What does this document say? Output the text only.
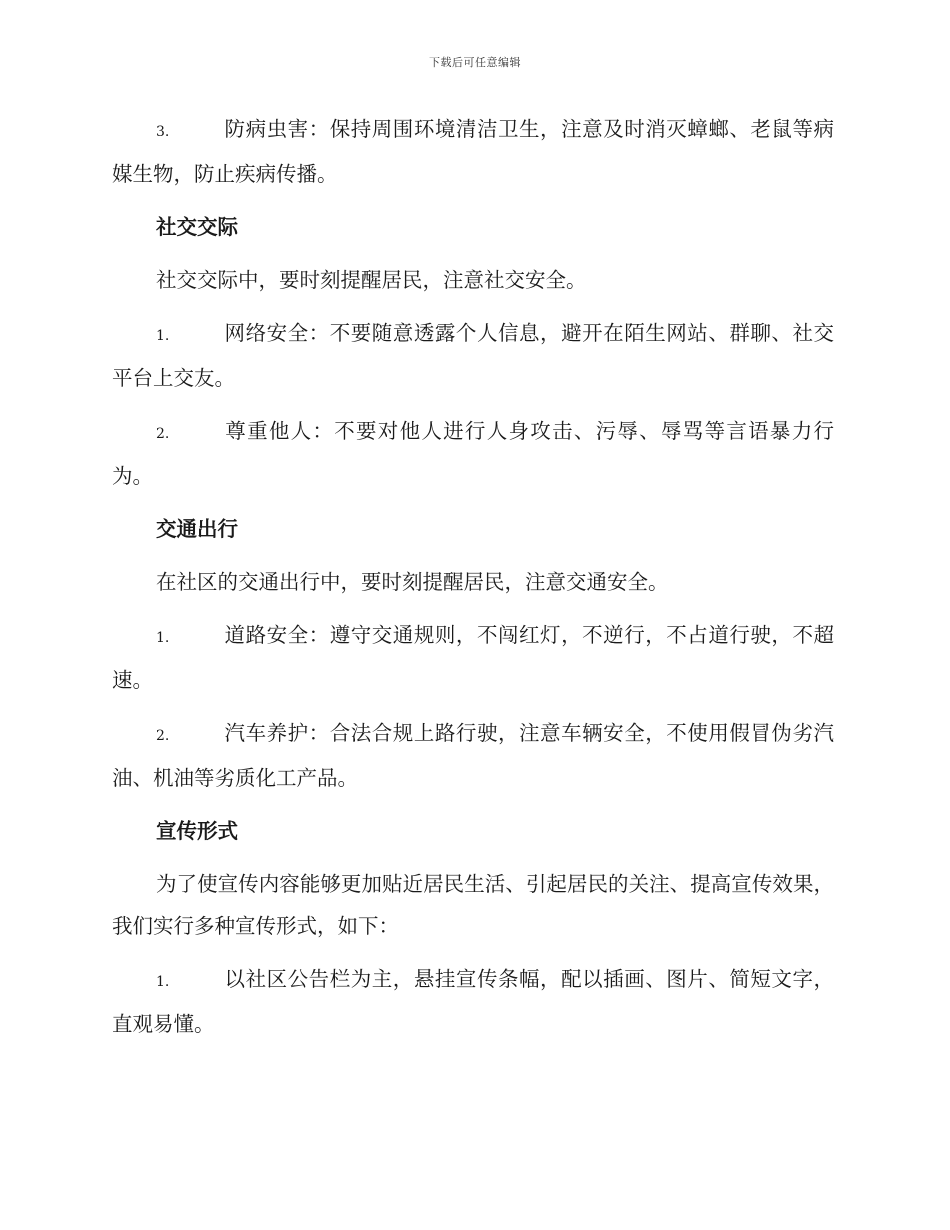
下载后可任意编辑

3.	防病虫害：保持周围环境清洁卫生，注意及时消灭蟑螂、老鼠等病媒生物，防止疾病传播。

社交交际

社交交际中，要时刻提醒居民，注意社交安全。

1.	网络安全：不要随意透露个人信息，避开在陌生网站、群聊、社交平台上交友。

2.	尊重他人：不要对他人进行人身攻击、污辱、辱骂等言语暴力行为。

交通出行

在社区的交通出行中，要时刻提醒居民，注意交通安全。

1.	道路安全：遵守交通规则，不闯红灯，不逆行，不占道行驶，不超速。

2.	汽车养护：合法合规上路行驶，注意车辆安全，不使用假冒伪劣汽油、机油等劣质化工产品。

宣传形式

为了使宣传内容能够更加贴近居民生活、引起居民的关注、提高宣传效果，我们实行多种宣传形式，如下：

1.	以社区公告栏为主，悬挂宣传条幅，配以插画、图片、简短文字，直观易懂。
